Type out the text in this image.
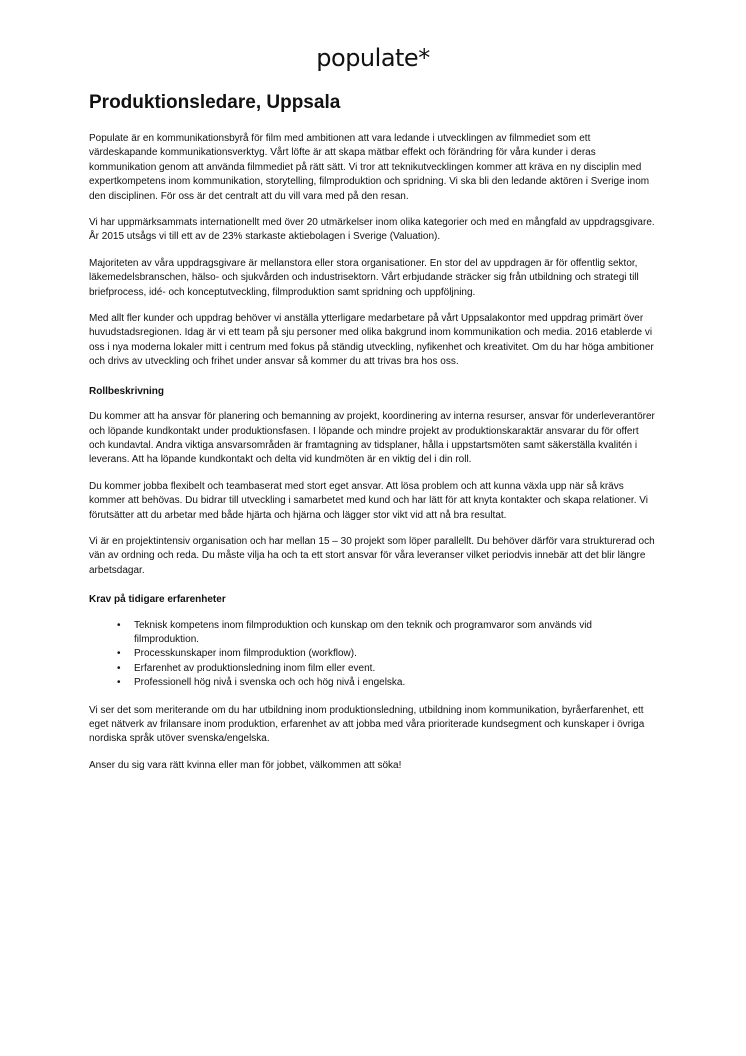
populate*
Produktionsledare, Uppsala

Populate är en kommunikationsbyrå för film med ambitionen att vara ledande i utvecklingen av filmmediet som ett värdeskapande kommunikationsverktyg. Vårt löfte är att skapa mätbar effekt och förändring för våra kunder i deras kommunikation genom att använda filmmediet på rätt sätt. Vi tror att teknikutvecklingen kommer att kräva en ny disciplin med expertkompetens inom kommunikation, storytelling, filmproduktion och spridning. Vi ska bli den ledande aktören i Sverige inom den disciplinen. För oss är det centralt att du vill vara med på den resan.

Vi har uppmärksammats internationellt med över 20 utmärkelser inom olika kategorier och med en mångfald av uppdragsgivare. År 2015 utsågs vi till ett av de 23% starkaste aktiebolagen i Sverige (Valuation).

Majoriteten av våra uppdragsgivare är mellanstora eller stora organisationer. En stor del av uppdragen är för offentlig sektor, läkemedelsbranschen, hälso- och sjukvården och industrisektorn. Vårt erbjudande sträcker sig från utbildning och strategi till briefprocess, idé- och konceptutveckling, filmproduktion samt spridning och uppföljning.

Med allt fler kunder och uppdrag behöver vi anställa ytterligare medarbetare på vårt Uppsalakontor med uppdrag primärt över huvudstadsregionen. Idag är vi ett team på sju personer med olika bakgrund inom kommunikation och media. 2016 etablerde vi oss i nya moderna lokaler mitt i centrum med fokus på ständig utveckling, nyfikenhet och kreativitet. Om du har höga ambitioner och drivs av utveckling och frihet under ansvar så kommer du att trivas bra hos oss.

Rollbeskrivning

Du kommer att ha ansvar för planering och bemanning av projekt, koordinering av interna resurser, ansvar för underleverantörer och löpande kundkontakt under produktionsfasen. I löpande och mindre projekt av produktionskaraktär ansvarar du för offert och kundavtal. Andra viktiga ansvarsområden är framtagning av tidsplaner, hålla i uppstartsmöten samt säkerställa kvalitén i leverans. Att ha löpande kundkontakt och delta vid kundmöten är en viktig del i din roll.

Du kommer jobba flexibelt och teambaserat med stort eget ansvar. Att lösa problem och att kunna växla upp när så krävs kommer att behövas. Du bidrar till utveckling i samarbetet med kund och har lätt för att knyta kontakter och skapa relationer. Vi förutsätter att du arbetar med både hjärta och hjärna och lägger stor vikt vid att nå bra resultat.

Vi är en projektintensiv organisation och har mellan 15 – 30 projekt som löper parallellt. Du behöver därför vara strukturerad och vän av ordning och reda. Du måste vilja ha och ta ett stort ansvar för våra leveranser vilket periodvis innebär att det blir längre arbetsdagar.

Krav på tidigare erfarenheter
• Teknisk kompetens inom filmproduktion och kunskap om den teknik och programvaror som används vid filmproduktion.
• Processkunskaper inom filmproduktion (workflow).
• Erfarenhet av produktionsledning inom film eller event.
• Professionell hög nivå i svenska och och hög nivå i engelska.

Vi ser det som meriterande om du har utbildning inom produktionsledning, utbildning inom kommunikation, byråerfarenhet, ett eget nätverk av frilansare inom produktion, erfarenhet av att jobba med våra prioriterade kundsegment och kunskaper i övriga nordiska språk utöver svenska/engelska.

Anser du sig vara rätt kvinna eller man för jobbet, välkommen att söka!
